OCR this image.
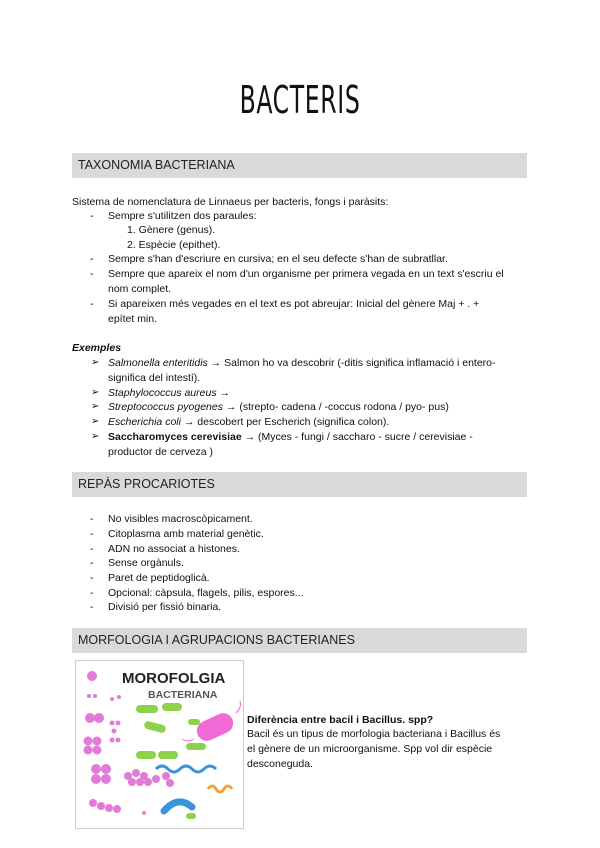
BACTERIS
TAXONOMIA BACTERIANA
Sistema de nomenclatura de Linnaeus per bacteris, fongs i paràsits:
- Sempre s'utilitzen dos paraules:
1. Gènere (genus).
2. Espècie (epithet).
- Sempre s'han d'escriure en cursiva; en el seu defecte s'han de subratllar.
- Sempre que apareix el nom d'un organisme per primera vegada en un text s'escriu el
nom complet.
- Si apareixen més vegades en el text es pot abreujar: Inicial del gènere Maj + . +
epítet min.
Exemples
➢ Salmonella enteritidis → Salmon ho va descobrir (-ditis significa inflamació i entero-
significa del intestí).
➢ Staphylococcus aureus →
➢ Streptococcus pyogenes → (strepto- cadena / -coccus rodona / pyo- pus)
➢ Escherichia coli → descobert per Escherich (significa colon).
➢ Saccharomyces cerevisiae → (Myces - fungi / saccharo - sucre / cerevisiae -
productor de cerveza )
REPÀS PROCARIOTES
- No visibles macroscòpicament.
- Citoplasma amb material genètic.
- ADN no associat a histones.
- Sense orgànuls.
- Paret de peptidoglicà.
- Opcional: càpsula, flagels, pilis, espores...
- Divisió per fissió binaria.
MORFOLOGIA I AGRUPACIONS BACTERIANES
MOROFOLGIA
BACTERIANA
Diferència entre bacil i Bacillus. spp?
Bacil és un tipus de morfologia bacteriana i Bacillus és
el gènere de un microorganisme. Spp vol dir espècie
desconeguda.
